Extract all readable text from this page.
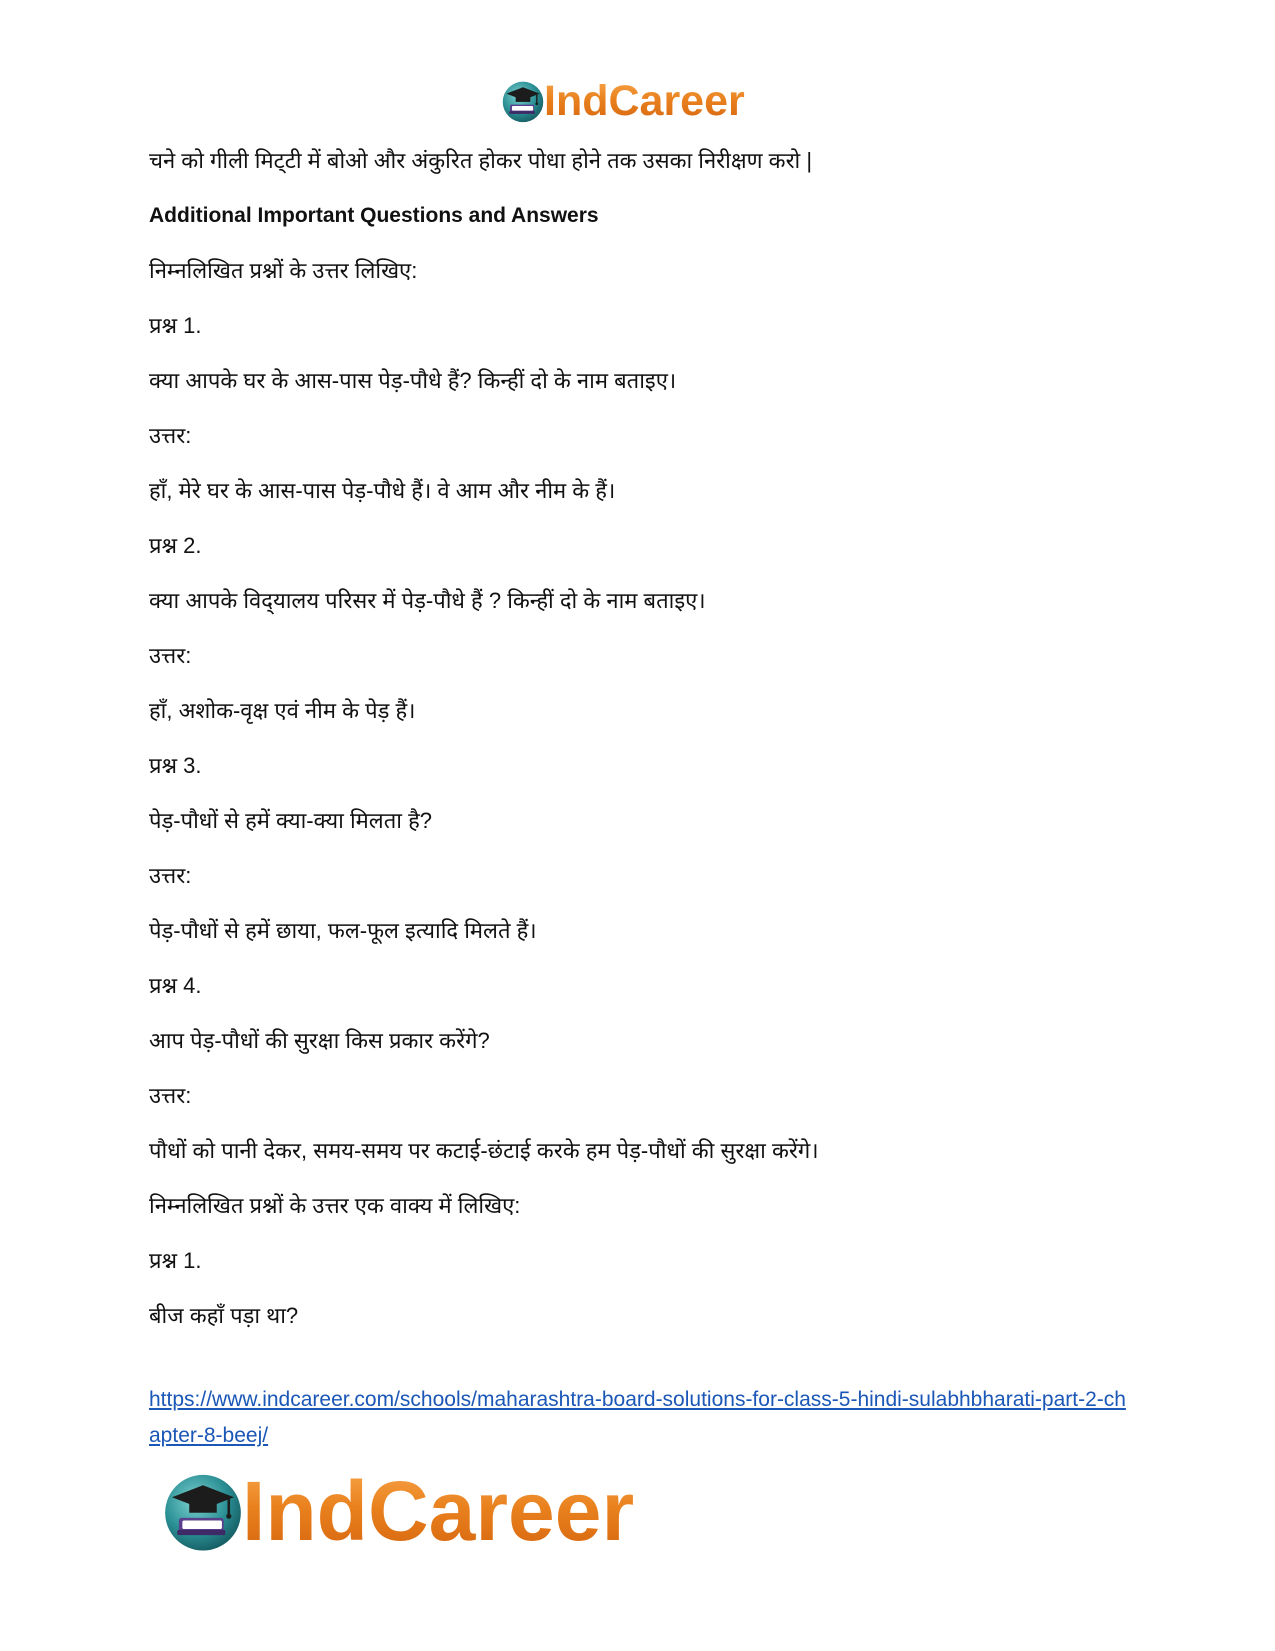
IndCareer
चने को गीली मिट्‌टी में बोओ और अंकुरित होकर पोधा होने तक उसका निरीक्षण करो |
Additional Important Questions and Answers
निम्नलिखित प्रश्नों के उत्तर लिखिए:
प्रश्न 1.
क्या आपके घर के आस-पास पेड़-पौधे हैं? किन्हीं दो के नाम बताइए।
उत्तर:
हाँ, मेरे घर के आस-पास पेड़-पौधे हैं। वे आम और नीम के हैं।
प्रश्न 2.
क्या आपके विद्‌यालय परिसर में पेड़-पौधे हैं ? किन्हीं दो के नाम बताइए।
उत्तर:
हाँ, अशोक-वृक्ष एवं नीम के पेड़ हैं।
प्रश्न 3.
पेड़-पौधों से हमें क्या-क्या मिलता है?
उत्तर:
पेड़-पौधों से हमें छाया, फल-फूल इत्यादि मिलते हैं।
प्रश्न 4.
आप पेड़-पौधों की सुरक्षा किस प्रकार करेंगे?
उत्तर:
पौधों को पानी देकर, समय-समय पर कटाई-छंटाई करके हम पेड़-पौधों की सुरक्षा करेंगे।
निम्नलिखित प्रश्नों के उत्तर एक वाक्य में लिखिए:
प्रश्न 1.
बीज कहाँ पड़ा था?
https://www.indcareer.com/schools/maharashtra-board-solutions-for-class-5-hindi-sulabhbharati-part-2-chapter-8-beej/
IndCareer
